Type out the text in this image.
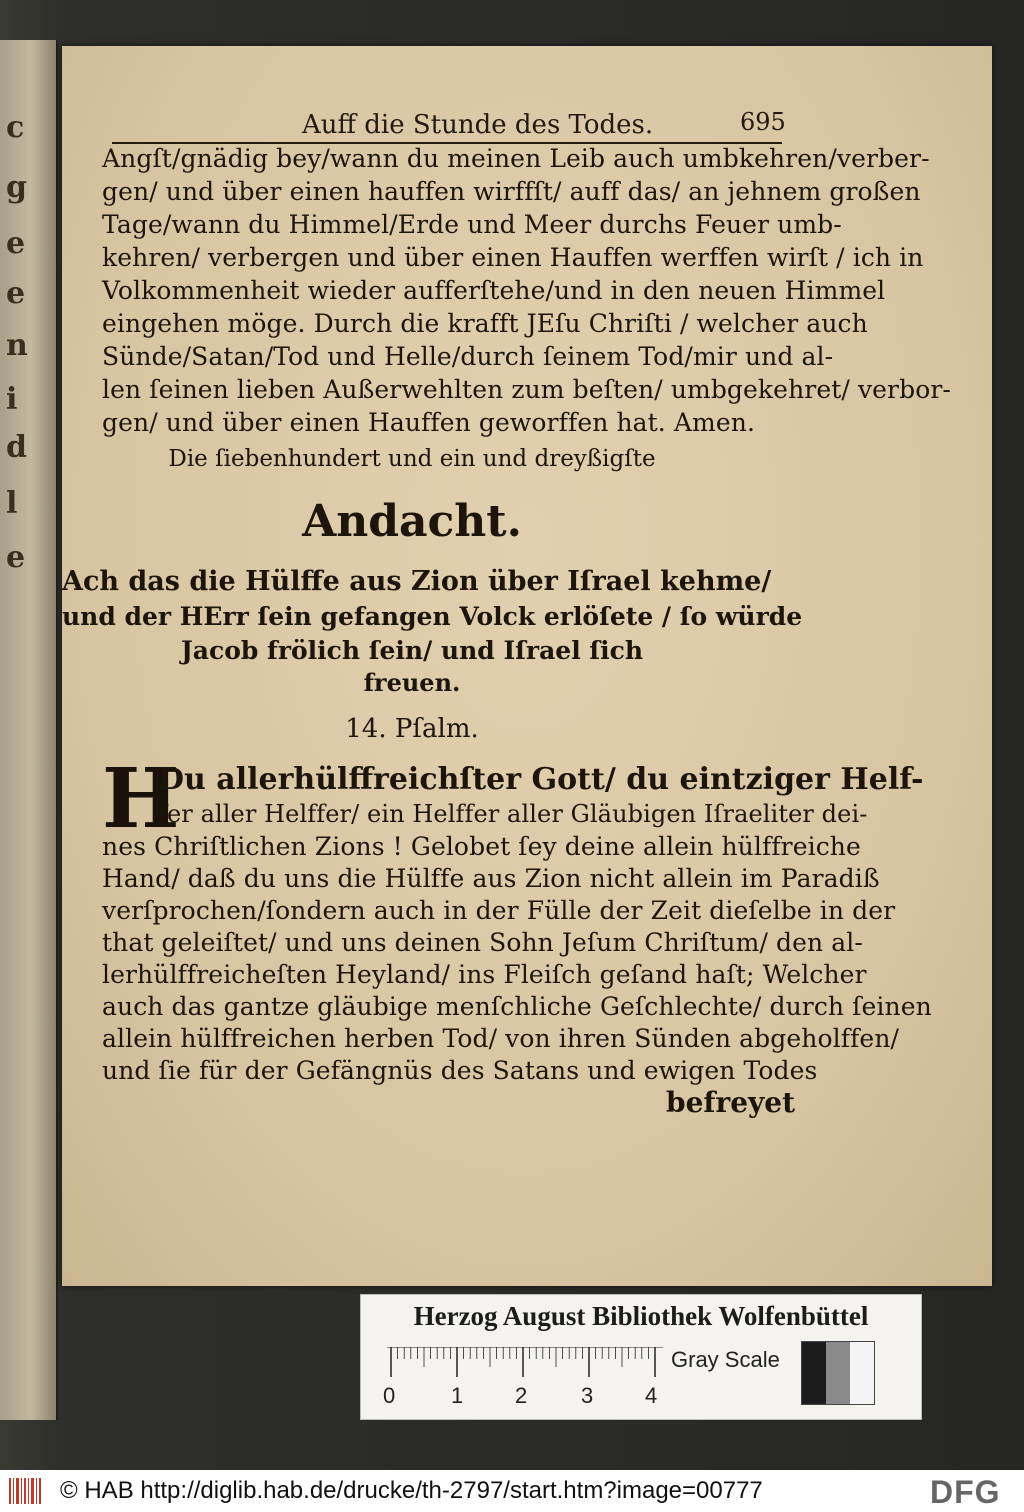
c
g
e
e
n
i
d
l
e
Auff die Stunde des Todes.	695
Angſt/gnädig bey/wann du meinen Leib auch umbkehren/verber-
gen/ und über einen hauffen wirffſt/ auff das/ an jehnem großen
Tage/wann du Himmel/Erde und Meer durchs Feuer umb-
kehren/ verbergen und über einen Hauffen werffen wirſt / ich in
Volkommenheit wieder aufferſtehe/und in den neuen Himmel
eingehen möge. Durch die krafft JEſu Chriſti / welcher auch
Sünde/Satan/Tod und Helle/durch ſeinem Tod/mir und al-
len ſeinen lieben Außerwehlten zum beſten/ umbgekehret/ verbor-
gen/ und über einen Hauffen geworffen hat. Amen.
Die ſiebenhundert und ein und dreyßigſte
Andacht.
Ach das die Hülffe aus Zion über Iſrael kehme/
und der HErr ſein gefangen Volck erlöſete / ſo würde
Jacob frölich ſein/ und Iſrael ſich
freuen.
14. Pſalm.
H
Du allerhülffreichſter Gott/ du eintziger Helf-
fer aller Helffer/ ein Helffer aller Gläubigen Iſraeliter dei-
nes Chriſtlichen Zions ! Gelobet ſey deine allein hülffreiche
Hand/ daß du uns die Hülffe aus Zion nicht allein im Paradiß
verſprochen/ſondern auch in der Fülle der Zeit dieſelbe in der
that geleiſtet/ und uns deinen Sohn Jeſum Chriſtum/ den al-
lerhülffreicheſten Heyland/ ins Fleiſch geſand haſt; Welcher
auch das gantze gläubige menſchliche Geſchlechte/ durch ſeinen
allein hülffreichen herben Tod/ von ihren Sünden abgeholffen/
und ſie für der Gefängnüs des Satans und ewigen Todes
befreyet
Herzog August Bibliothek Wolfenbüttel
0	1 2 3 4
Gray Scale
© HAB http://diglib.hab.de/drucke/th-2797/start.htm?image=00777	DFG
